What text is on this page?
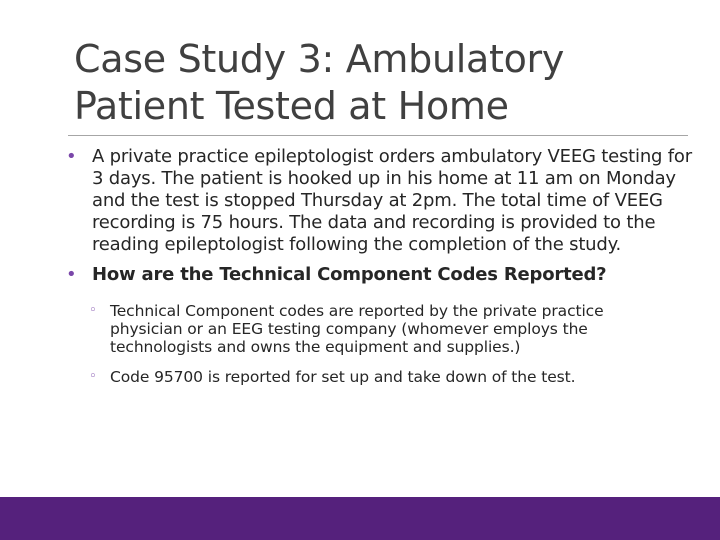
Case Study 3: Ambulatory Patient Tested at Home
• A private practice epileptologist orders ambulatory VEEG testing for 3 days. The patient is hooked up in his home at 11 am on Monday and the test is stopped Thursday at 2pm. The total time of VEEG recording is 75 hours. The data and recording is provided to the reading epileptologist following the completion of the study.
• How are the Technical Component Codes Reported?
◦ Technical Component codes are reported by the private practice physician or an EEG testing company (whomever employs the technologists and owns the equipment and supplies.)
◦ Code 95700 is reported for set up and take down of the test.
